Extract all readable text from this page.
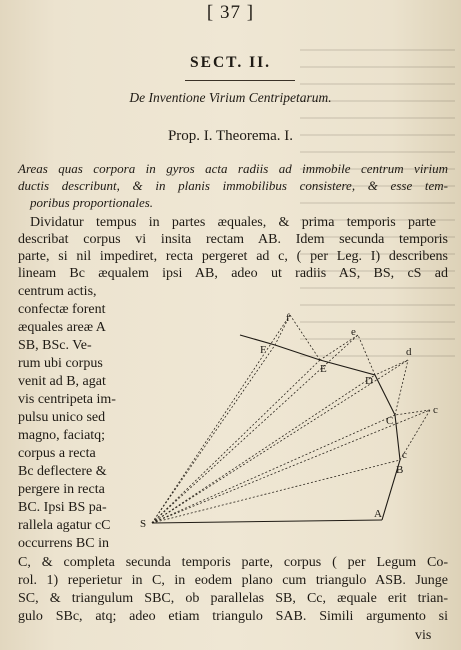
[ 37 ]
SECT. II.
De Inventione Virium Centripetarum.
Prop. I. Theorema. I.
Areas quas corpora in gyros acta radiis ad immobile centrum virium
ductis describunt, & in planis immobilibus consistere, & esse tem-
poribus proportionales.
Dividatur tempus in partes æquales, & prima temporis parte
describat corpus vi insita rectam AB. Idem secunda temporis
parte, si nil impediret, recta pergeret ad c, ( per Leg. I) describens
lineam Bc æqualem ipsi AB, adeo ut radiis AS, BS, cS ad
centrum actis,
confectæ forent
æquales areæ A
SB, BSc. Ve-
rum ubi corpus
venit ad B, agat
vis centripeta im-
pulsu unico sed
magno, faciatq;
corpus a recta
Bc deflectere &
pergere in recta
BC. Ipsi BS pa-
rallela agatur cC
occurrens BC in
C, & completa secunda temporis parte, corpus ( per Legum Co-
rol. 1) reperietur in C, in eodem plano cum triangulo ASB. Junge
SC, & triangulum SBC, ob parallelas SB, Cc, æquale erit trian-
gulo SBc, atq; adeo etiam triangulo SAB. Simili argumento si
vis
S
A
B
c
C
c
D
d
E
e
F
f
